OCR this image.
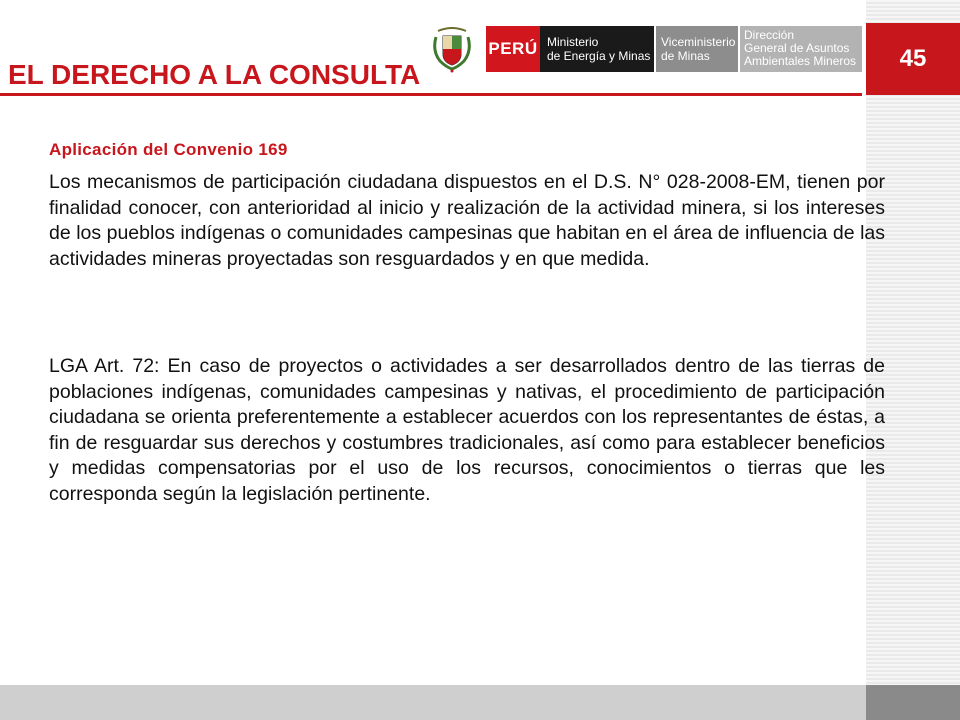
45
PERÚ Ministerio
de Energía y Minas
Viceministerio
de Minas
Dirección
General de Asuntos
Ambientales Mineros
EL DERECHO A LA CONSULTA
Aplicación del Convenio 169

Los mecanismos de participación ciudadana dispuestos en el D.S. N° 028-2008-EM, tienen por finalidad conocer, con anterioridad al inicio y realización de la actividad minera, si los intereses de los pueblos indígenas o comunidades campesinas que habitan en el área de influencia de las actividades mineras proyectadas son resguardados y en que medida.

LGA Art. 72: En caso de proyectos o actividades a ser desarrollados dentro de las tierras de poblaciones indígenas, comunidades campesinas y nativas, el procedimiento de participación ciudadana se orienta preferentemente a establecer acuerdos con los representantes de éstas, a fin de resguardar sus derechos y costumbres tradicionales, así como para establecer beneficios y medidas compensatorias por el uso de los recursos, conocimientos o tierras que les corresponda según la legislación pertinente.
